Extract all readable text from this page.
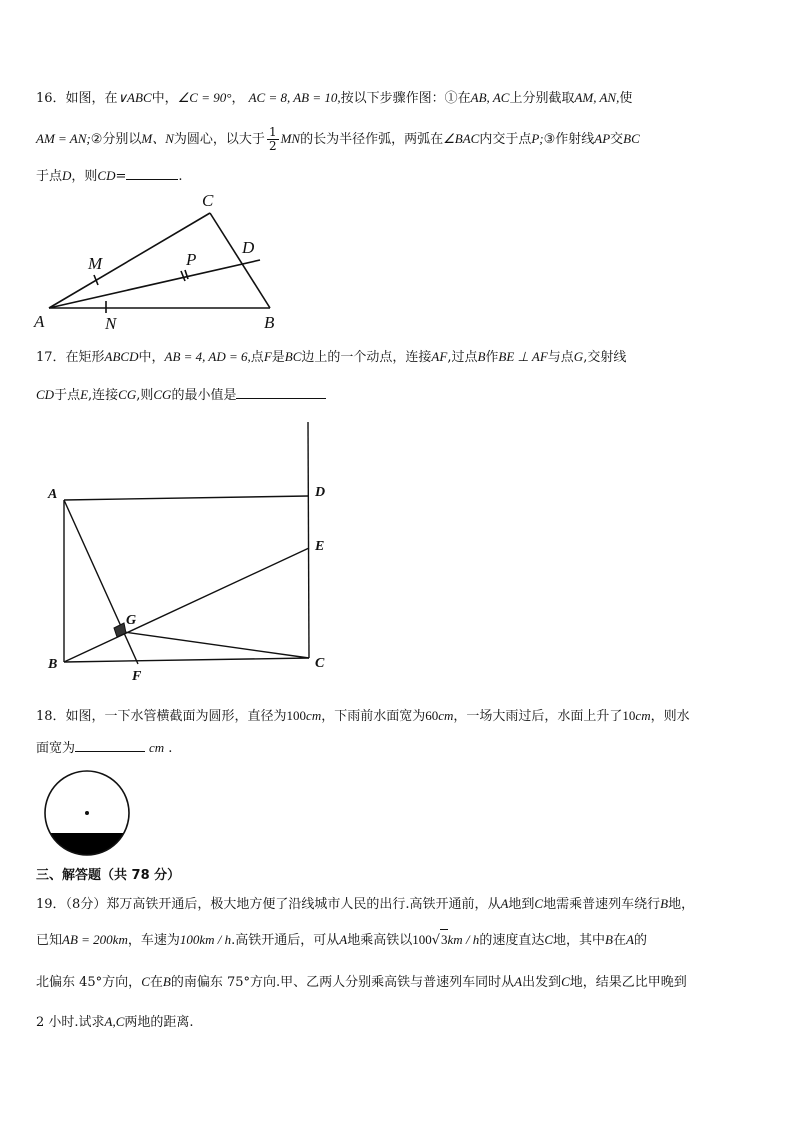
16．如图，在∨ABC中，∠C = 90°， AC = 8, AB = 10,按以下步骤作图：①在AB, AC上分别截取AM, AN,使
AM = AN;②分别以M、N为圆心，以大于 $\frac{1}{2}$ MN的长为半径作弧，两弧在∠BAC内交于点P;③作射线AP交BC
于点D，则CD=	.
A	B
C
D
M
N
P
17．在矩形ABCD中，AB = 4, AD = 6,点F是BC边上的一个动点，连接AF,过点B作BE ⊥ AF与点G,交射线
CD于点E,连接CG,则CG的最小值是
A	D
E
G
B	C
F
18．如图，一下水管横截面为圆形，直径为100cm，下雨前水面宽为60cm，一场大雨过后，水面上升了10cm，则水
面宽为	cm .
三、解答题（共 78 分）
19．（8分）郑万高铁开通后，极大地方便了沿线城市人民的出行.高铁开通前，从A地到C地需乘普速列车绕行B地，
已知AB = 200km，车速为100km / h.高铁开通后，可从A地乘高铁以100√3km / h的速度直达C地，其中B在A的
北偏东 45°方向，C在B的南偏东 75°方向.甲、乙两人分别乘高铁与普速列车同时从A出发到C地，结果乙比甲晚到
2 小时.试求A,C两地的距离.
